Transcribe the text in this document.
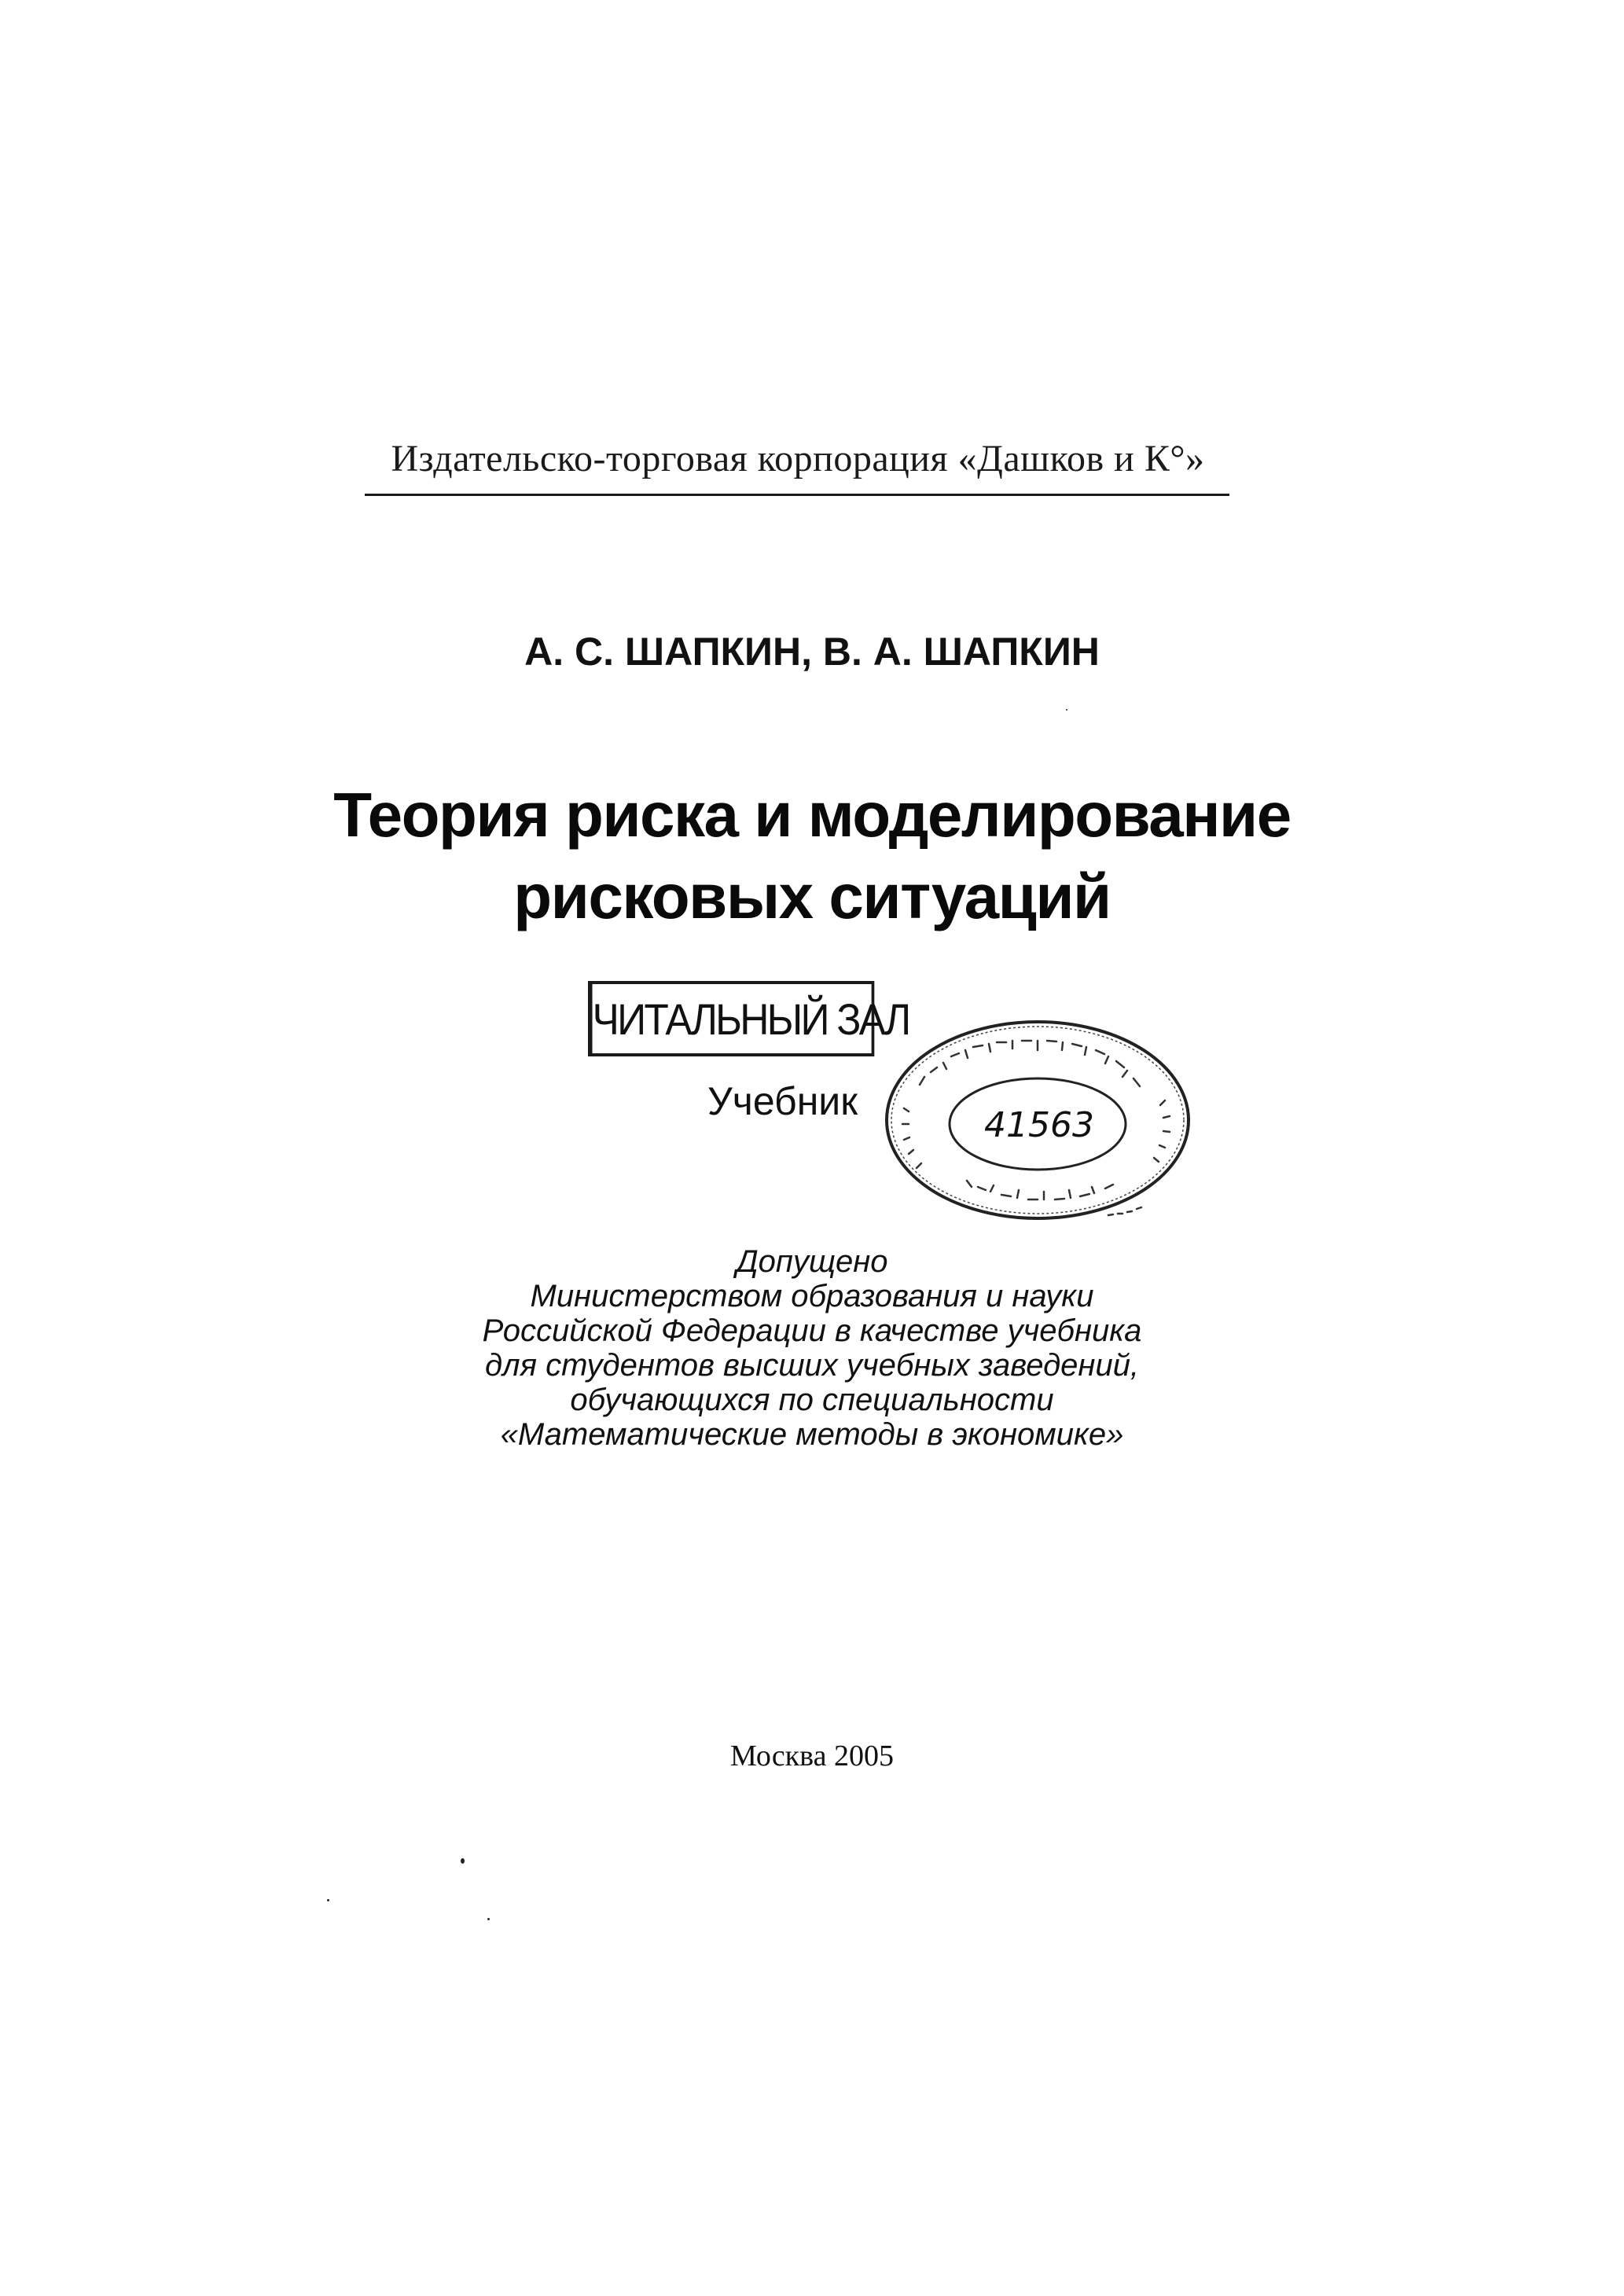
Издательско-торговая корпорация «Дашков и К°»
А. С. ШАПКИН, В. А. ШАПКИН
Теория риска и моделирование
рисковых ситуаций
ЧИТАЛЬНЫЙ ЗАЛ
Учебник
41563
Допущено
Министерством образования и науки
Российской Федерации в качестве учебника
для студентов высших учебных заведений,
обучающихся по специальности
«Математические методы в экономике»
Москва 2005
